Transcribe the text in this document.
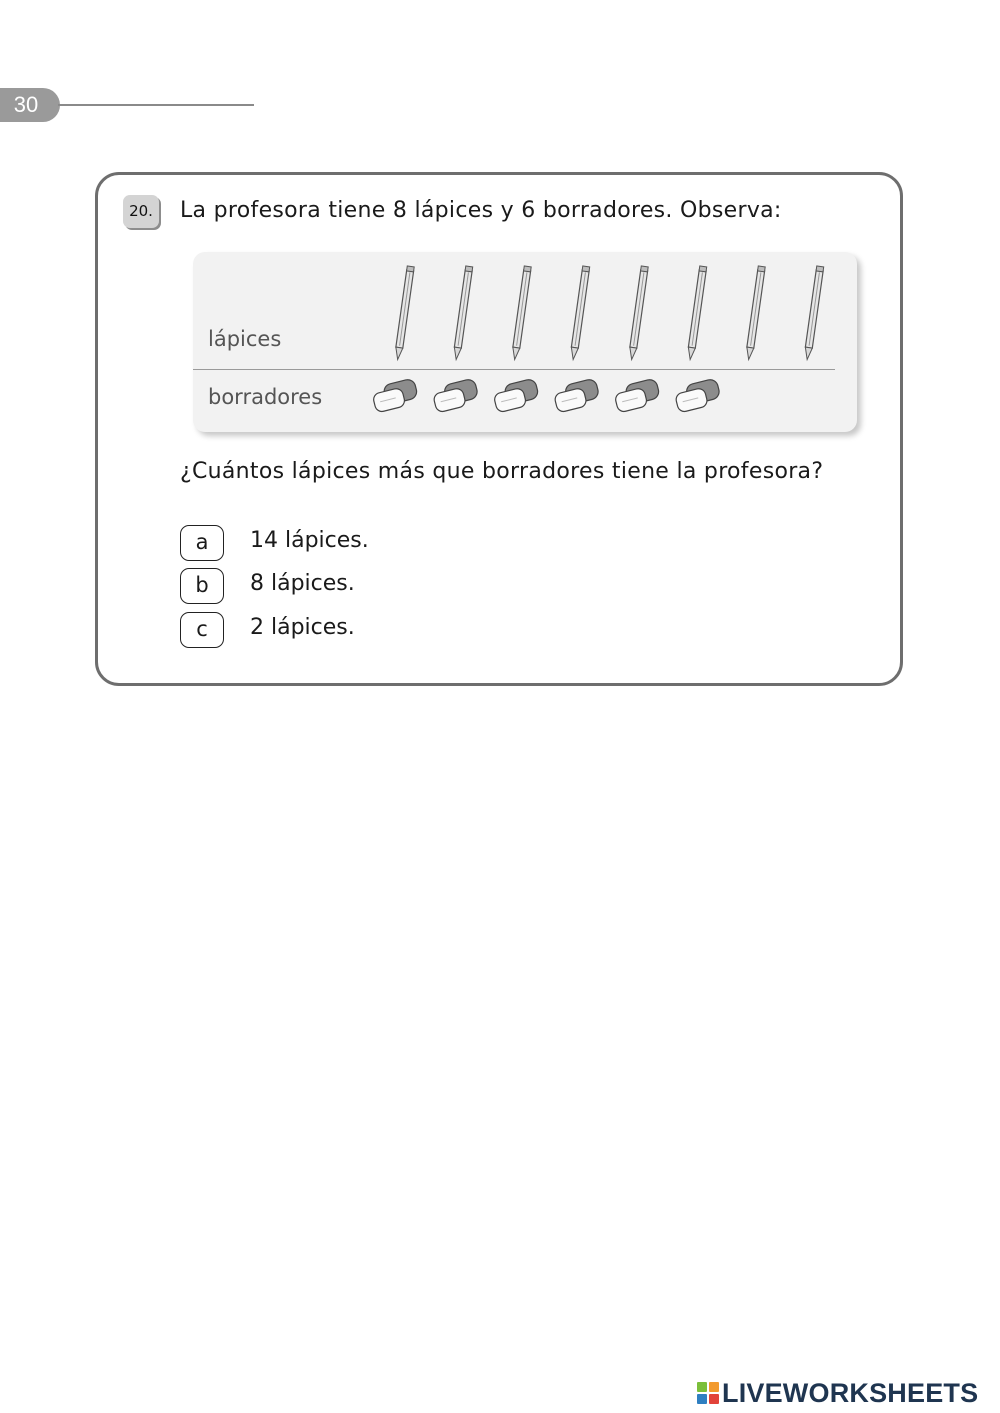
30
20. La profesora tiene 8 lápices y 6 borradores. Observa:
lápices
borradores
¿Cuántos lápices más que borradores tiene la profesora?
a	14 lápices.
b	8 lápices.
c	2 lápices.
LIVEWORKSHEETS
